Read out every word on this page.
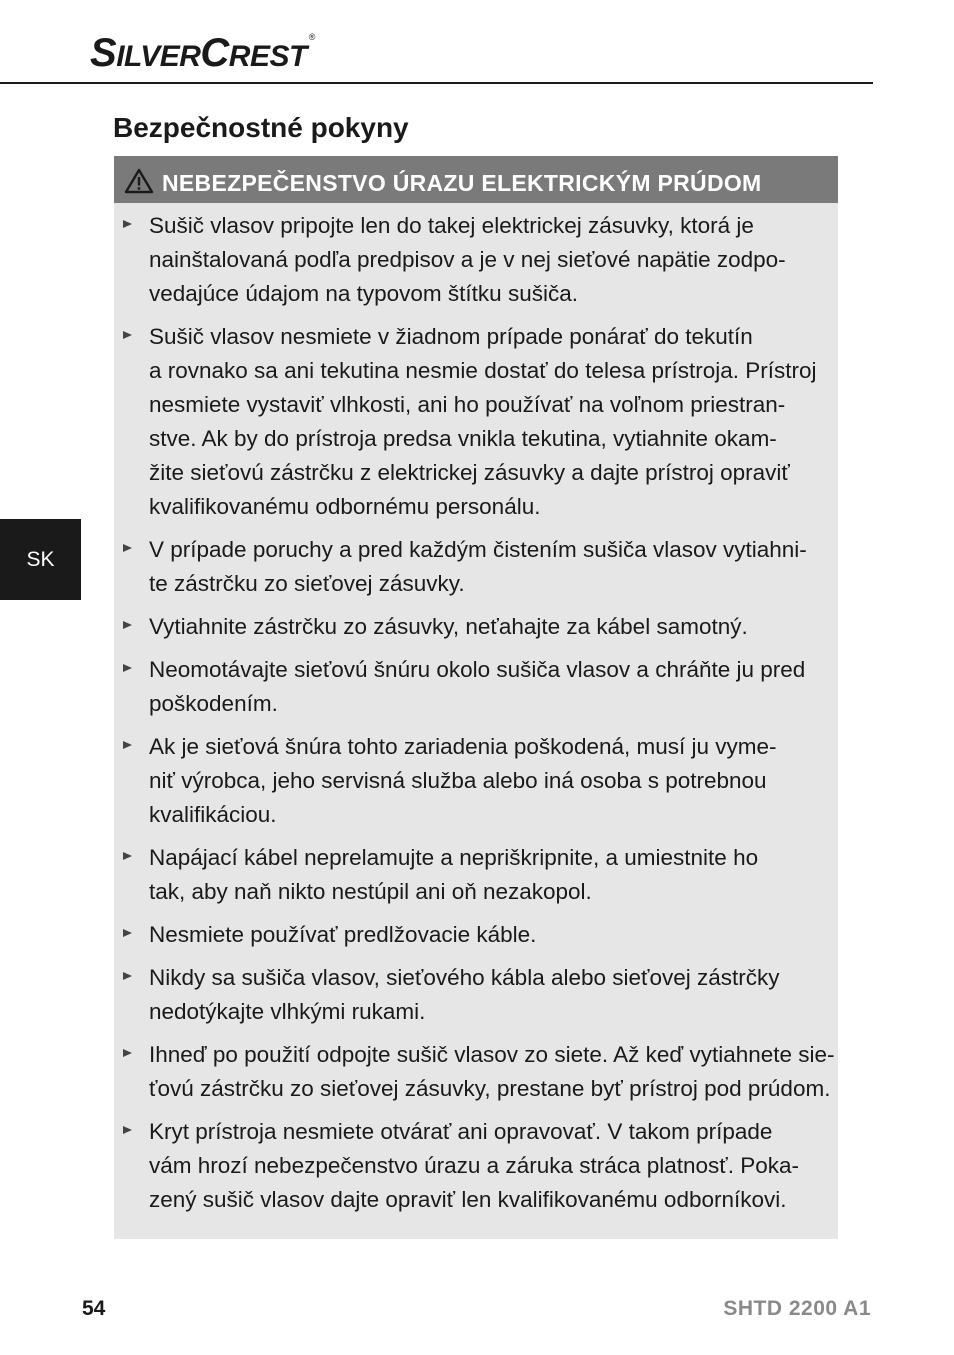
SILVERCREST®
Bezpečnostné pokyny
NEBEZPEČENSTVO ÚRAZU ELEKTRICKÝM PRÚDOM
Sušič vlasov pripojte len do takej elektrickej zásuvky, ktorá je
nainštalovaná podľa predpisov a je v nej sieťové napätie zodpo-
vedajúce údajom na typovom štítku sušiča.
Sušič vlasov nesmiete v žiadnom prípade ponárať do tekutín
a rovnako sa ani tekutina nesmie dostať do telesa prístroja. Prístroj
nesmiete vystaviť vlhkosti, ani ho používať na voľnom priestran-
stve. Ak by do prístroja predsa vnikla tekutina, vytiahnite okam-
žite sieťovú zástrčku z elektrickej zásuvky a dajte prístroj opraviť
kvalifikovanému odbornému personálu.
V prípade poruchy a pred každým čistením sušiča vlasov vytiahni-
te zástrčku zo sieťovej zásuvky.
Vytiahnite zástrčku zo zásuvky, neťahajte za kábel samotný.
Neomotávajte sieťovú šnúru okolo sušiča vlasov a chráňte ju pred
poškodením.
Ak je sieťová šnúra tohto zariadenia poškodená, musí ju vyme-
niť výrobca, jeho servisná služba alebo iná osoba s potrebnou
kvalifikáciou.
Napájací kábel neprelamujte a nepriškripnite, a umiestnite ho
tak, aby naň nikto nestúpil ani oň nezakopol.
Nesmiete používať predlžovacie káble.
Nikdy sa sušiča vlasov, sieťového kábla alebo sieťovej zástrčky
nedotýkajte vlhkými rukami.
Ihneď po použití odpojte sušič vlasov zo siete. Až keď vytiahnete sie-
ťovú zástrčku zo sieťovej zásuvky, prestane byť prístroj pod prúdom.
Kryt prístroja nesmiete otvárať ani opravovať. V takom prípade
vám hrozí nebezpečenstvo úrazu a záruka stráca platnosť. Poka-
zený sušič vlasov dajte opraviť len kvalifikovanému odborníkovi.
SK
54	SHTD 2200 A1
